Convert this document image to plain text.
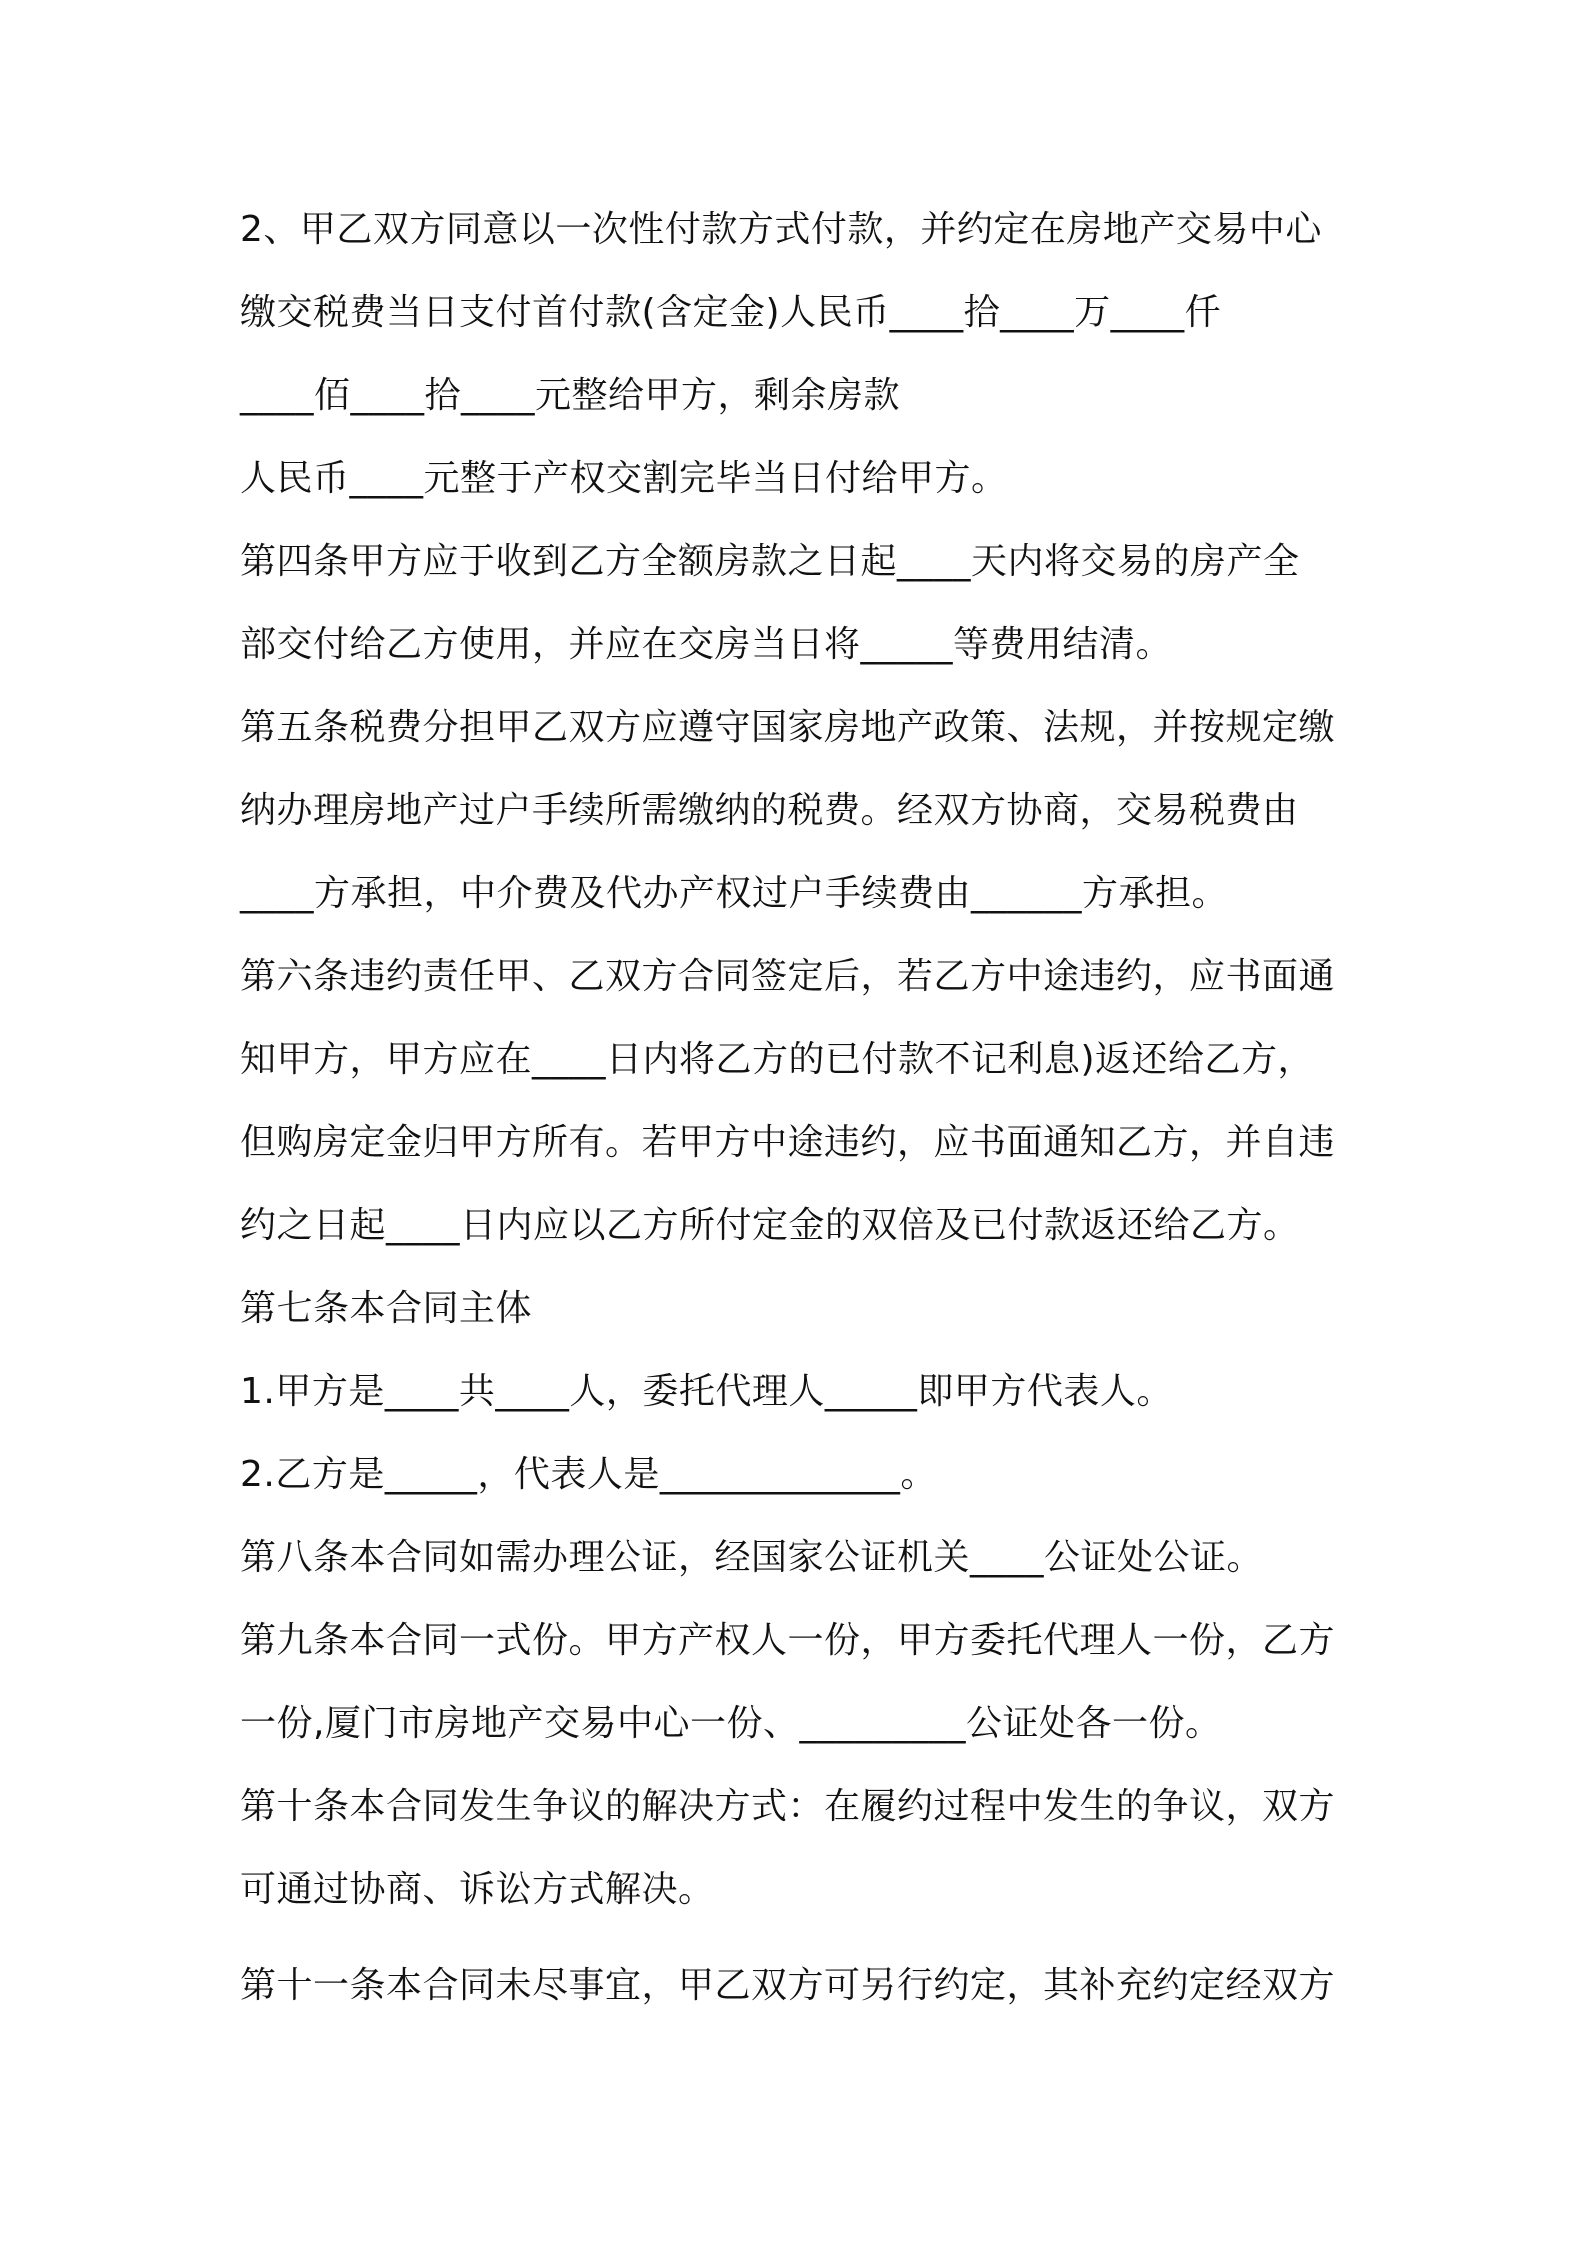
2、甲乙双方同意以一次性付款方式付款，并约定在房地产交易中心
缴交税费当日支付首付款(含定金)人民币____拾____万____仟
____佰____拾____元整给甲方，剩余房款
人民币____元整于产权交割完毕当日付给甲方。
第四条甲方应于收到乙方全额房款之日起____天内将交易的房产全
部交付给乙方使用，并应在交房当日将_____等费用结清。
第五条税费分担甲乙双方应遵守国家房地产政策、法规，并按规定缴
纳办理房地产过户手续所需缴纳的税费。经双方协商，交易税费由
____方承担，中介费及代办产权过户手续费由______方承担。
第六条违约责任甲、乙双方合同签定后，若乙方中途违约，应书面通
知甲方，甲方应在____日内将乙方的已付款不记利息)返还给乙方，
但购房定金归甲方所有。若甲方中途违约，应书面通知乙方，并自违
约之日起____日内应以乙方所付定金的双倍及已付款返还给乙方。
第七条本合同主体
1.甲方是____共____人，委托代理人_____即甲方代表人。
2.乙方是_____，代表人是_____________。
第八条本合同如需办理公证，经国家公证机关____公证处公证。
第九条本合同一式份。甲方产权人一份，甲方委托代理人一份，乙方
一份,厦门市房地产交易中心一份、_________公证处各一份。
第十条本合同发生争议的解决方式：在履约过程中发生的争议，双方
可通过协商、诉讼方式解决。
第十一条本合同未尽事宜，甲乙双方可另行约定，其补充约定经双方
